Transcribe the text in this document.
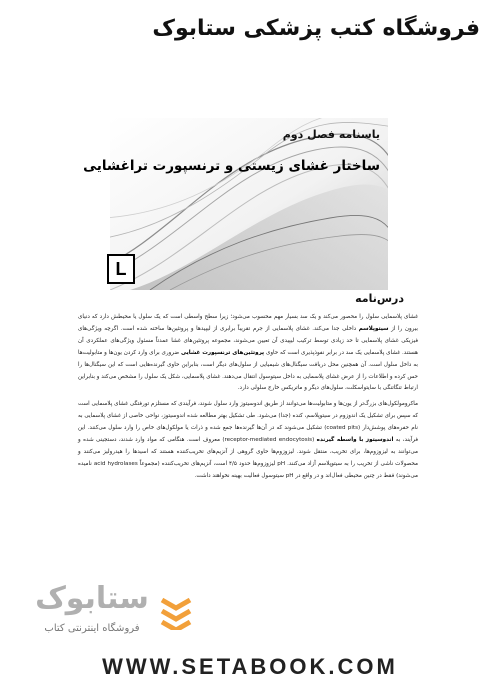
فروشگاه کتب پزشکی ستابوک
یاسنامه فصل دوم
ساختار غشای زیستی و ترنسپورت تراغشایی
L
درس‌نامه

غشای پلاسمایی سلول را محصور می‌کند و یک سد بسیار مهم محسوب می‌شود؛ زیرا سطح واسطی است که یک سلول یا محیطش دارد که دنیای بیرون را از سیتوپلاسم داخلی جدا می‌کند. غشای پلاسمایی از جرم تقریباً برابری از لیپیدها و پروتئین‌ها ساخته شده است. اگرچه ویژگی‌های فیزیکی غشای پلاسمایی تا حد زیادی توسط ترکیب لیپیدی آن تعیین می‌شوند، مجموعه پروتئین‌های غشا عمدتاً مسئول ویژگی‌های عملکردی آن هستند. غشای پلاسمایی یک سد در برابر نفوذپذیری است که حاوی پروتئین‌های ترنسپورت غشایی ضروری برای وارد کردن یون‌ها و متابولیت‌ها به داخل سلول است. آن همچنین محل دریافت سیگنال‌های شیمیایی از سلول‌های دیگر است، بنابراین حاوی گیرنده‌هایی است که این سیگنال‌ها را حس کرده و اطلاعات را از عرض غشای پلاسمایی به داخل سیتوسول انتقال می‌دهند. غشای پلاسمایی، شکل یک سلول را مشخص می‌کند و بنابراین ارتباط تنگاتنگی با سایتواسکلت، سلول‌های دیگر و ماتریکس خارج سلولی دارد.

ماکرومولکول‌های بزرگ‌تر از یون‌ها و متابولیت‌ها می‌توانند از طریق اندوسیتوز وارد سلول شوند، فرآیندی که مستلزم تورفتگی غشای پلاسمایی است که سپس برای تشکیل یک اندوزوم در سیتوپلاسم، کنده (جدا) می‌شود. طی تشکیل بهتر مطالعه شده اندوسیتوز، نواحی خاصی از غشای پلاسمایی به نام حفره‌های پوشش‌دار (coated pits) تشکیل می‌شوند که در آن‌ها گیرنده‌ها جمع شده و ذرات یا مولکول‌های خاص را وارد سلول می‌کنند. این فرآیند، به اندوسیتوز با واسطه گیرنده (receptor-mediated endocytosis) معروف است. هنگامی که مواد وارد شدند، دستجینی شده و می‌توانند به لیزوزوم‌ها، برای تخریب، منتقل شوند. لیزوزوم‌ها حاوی گروهی از آنزیم‌های تخریب‌کننده هستند که اسیدها را هیدرولیز می‌کنند و محصولات ناشی از تخریب را به سیتوپلاسم آزاد می‌کنند. pH لیزوزوم‌ها حدود ۴/۵ است، آنزیم‌های تخریب‌کننده (مجموعاً acid hydrolases نامیده می‌شوند) فقط در چنین محیطی فعال‌اند و در واقع در pH سیتوسول فعالیت بهینه نخواهند داشت.

ستابوک
فروشگاه اینترنتی کتاب
WWW.SETABOOK.COM
